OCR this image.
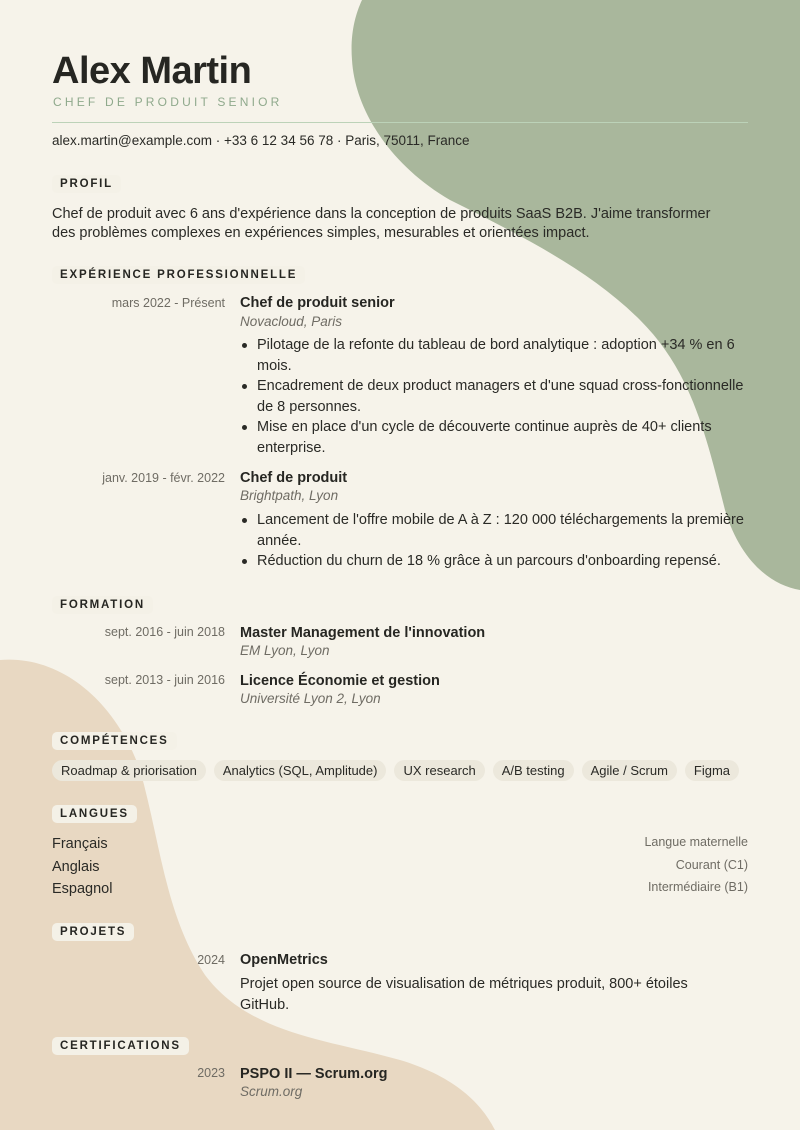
Alex Martin
CHEF DE PRODUIT SENIOR
alex.martin@example.com · +33 6 12 34 56 78 · Paris, 75011, France
PROFIL
Chef de produit avec 6 ans d'expérience dans la conception de produits SaaS B2B. J'aime transformer
des problèmes complexes en expériences simples, mesurables et orientées impact.
EXPÉRIENCE PROFESSIONNELLE
mars 2022 - Présent Chef de produit senior
Novacloud, Paris
Pilotage de la refonte du tableau de bord analytique : adoption +34 % en 6 mois.
Encadrement de deux product managers et d'une squad cross-fonctionnelle de 8 personnes.
Mise en place d'un cycle de découverte continue auprès de 40+ clients enterprise.
janv. 2019 - févr. 2022 Chef de produit
Brightpath, Lyon
Lancement de l'offre mobile de A à Z : 120 000 téléchargements la première année.
Réduction du churn de 18 % grâce à un parcours d'onboarding repensé.
FORMATION
sept. 2016 - juin 2018 Master Management de l'innovation
EM Lyon, Lyon
sept. 2013 - juin 2016 Licence Économie et gestion
Université Lyon 2, Lyon
COMPÉTENCES
Roadmap & priorisation	Analytics (SQL, Amplitude)	UX research	A/B testing	Agile / Scrum	Figma
LANGUES
Français	Langue maternelle
Anglais	Courant (C1)
Espagnol	Intermédiaire (B1)
PROJETS
2024 OpenMetrics
Projet open source de visualisation de métriques produit, 800+ étoiles
GitHub.
CERTIFICATIONS
2023 PSPO II — Scrum.org
Scrum.org
